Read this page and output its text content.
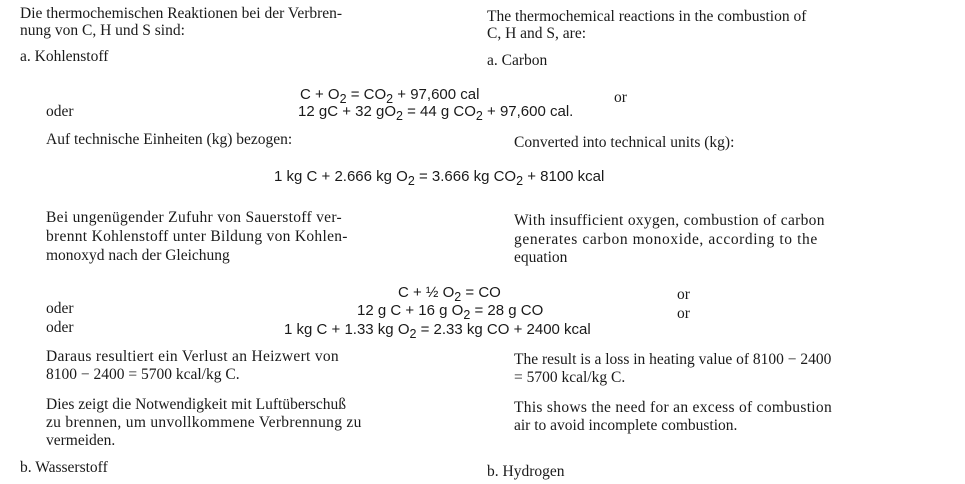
Die thermochemischen Reaktionen bei der Verbren-
nung von C, H und S sind:
The thermochemical reactions in the combustion of
C, H and S, are:
a. Kohlenstoff	a. Carbon
$C + O_2 = CO_2 + 97,600$ cal	or
oder	12 gC + 32 $gO_2 = 44$ g $CO_2 + 97,600$ cal.
Auf technische Einheiten (kg) bezogen:	Converted into technical units (kg):
1 kg C + 2.666 kg $O_2 = 3.666$ kg $CO_2 + 8100$ kcal
Bei ungenügender Zufuhr von Sauerstoff ver-
brennt Kohlenstoff unter Bildung von Kohlen-
monoxyd nach der Gleichung
With insufficient oxygen, combustion of carbon
generates carbon monoxide, according to the
equation
C + ½ $O_2$ = CO	or
oder	12 g C + 16 g $O_2 = 28$ g CO	or
oder	1 kg C + 1.33 kg $O_2 = 2.33$ kg CO + 2400 kcal
Daraus resultiert ein Verlust an Heizwert von
8100 − 2400 = 5700 kcal/kg C.
The result is a loss in heating value of 8100 − 2400
= 5700 kcal/kg C.
Dies zeigt die Notwendigkeit mit Luftüberschuß
zu brennen, um unvollkommene Verbrennung zu
vermeiden.
This shows the need for an excess of combustion
air to avoid incomplete combustion.
b. Wasserstoff	b. Hydrogen
